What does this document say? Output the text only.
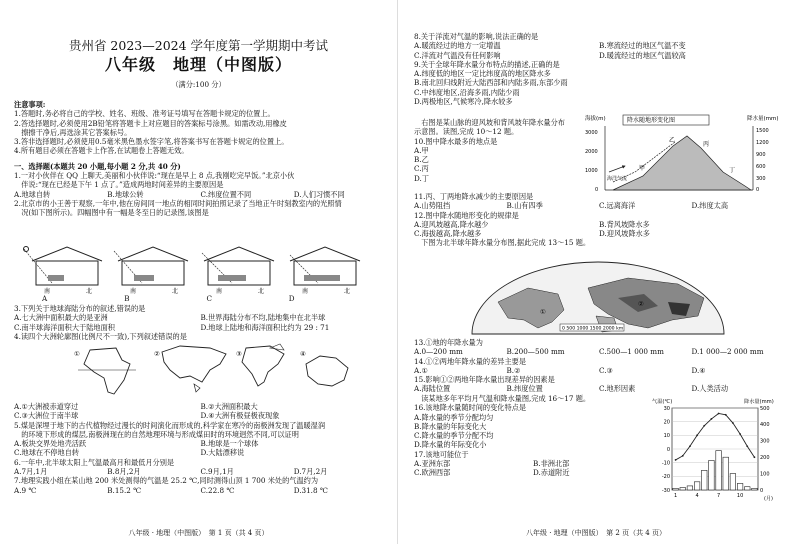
贵州省 2023—2024 学年度第一学期期中考试
八年级　地理（中图版）
（满分:100 分）
注意事项:
1.答题时,务必将自己的学校、姓名、班级、准考证号填写在答题卡规定的位置上。
2.答选择题时,必须使用2B铅笔将答题卡上对应题目的答案标号涂黑。如需改动,用橡皮
　擦擦干净后,再选涂其它答案标号。
3.答非选择题时,必须使用0.5毫米黑色墨水签字笔,将答案书写在答题卡规定的位置上。
4.所有题目必须在答题卡上作答,在试题卷上答题无效。
一、选择题(本题共 20 小题,每小题 2 分,共 40 分)
1.一对小伙伴在 QQ 上聊天,美丽和小伙伴说:“现在是早上 8 点,我刚吃完早饭。”北京小伙
　伴说:“现在已经是下午 1 点了。”造成两地时间差异的主要原因是
A.地球自转	B.地球公转	C.纬度位置不同	D.人们习惯不同
2.北京市的小王善于观察,一年中,他在房间同一地点的相同时间拍照记录了当地正午时刻教室内的光照情
　况(如下图所示)。四幅图中有一幅是冬至日的记录图,该图是
南	北	南	北	南	北	南	北
A	B	C	D
3.下列关于地球海陆分布的叙述,错误的是
A.七大洲中面积最大的是亚洲	B.世界海陆分布不均,陆地集中在北半球
C.南半球海洋面积大于陆地面积	D.地球上陆地和海洋面积比约为 29 : 71
4.读四个大洲轮廓图(比例尺不一致),下列叙述错误的是
①	②	③	④
A.①大洲被赤道穿过	B.②大洲面积最大
C.③大洲位于南半球	D.④大洲有极昼极夜现象
5.煤是深埋于地下的古代植物经过漫长的时间演化而形成的,科学家在寒冷的南极洲发现了温暖湿润
　的环境下形成的煤层,南极洲现在的自然地理环境与形成煤田时的环境迥然不同,可以证明
A.板块交界处地壳活跃	B.地球是一个球体
C.地球在不停地自转	D.大陆漂移说
6.一年中,北半球太阳上气温最高月和最低月分别是
A.7月,1月	B.8月,2月	C.9月,1月	D.7月,2月
7.地理实践小组在某山地 200 米处测得的气温是 25.2 ℃,同时测得山顶 1 700 米处的气温约为
A.9 ℃	B.15.2 ℃	C.22.8 ℃	D.31.8 ℃
八年级 · 地理（中图版）　第 1 页（共 4 页）
8.关于洋流对气温的影响,说法正确的是
A.暖流经过的地方一定增温	B.寒流经过的地区气温不变
C.洋流对气温没有任何影响	D.暖流经过的地区气温较高
9.关于全球年降水量分布特点的描述,正确的是
A.纬度低的地区一定比纬度高的地区降水多
B.南北回归线附近大陆西部和内陆多雨,东部少雨
C.中纬度地区,沿海多雨,内陆少雨
D.两极地区,气候寒冷,降水较多
　右图是某山脉的迎风坡和背风坡年降水量分布
示意图。读图,完成 10～12 题。
10.图中降水最多的地点是
A.甲
B.乙
C.丙
D.丁
海拔(m)	降水量(mm)
降水随地形变化图
3000
2000
1000
0
1500
1200
900
600
300
0
海洋气流
甲
乙
丙
丁
11.丙、丁两地降水减少的主要原因是
A.山势阻挡	B.山有四季	C.远离海洋	D.纬度太高
12.图中降水随地形变化的规律是
A.迎风坡越高,降水越少	B.背风坡降水多
C.海拔越高,降水越多	D.迎风坡降水多
　下图为北半球年降水量分布图,据此完成 13～15 题。
①
②
0 500 1000 1500 2000 km
13.①地的年降水量为
A.0—200 mm	B.200—500 mm	C.500—1 000 mm	D.1 000—2 000 mm
14.①②两地年降水量的差异主要是
A.①	B.②	C.③	D.④
15.影响①②两地年降水量出现差异的因素是
A.海陆位置	B.纬度位置	C.地形因素	D.人类活动
　读某地多年平均月气温和降水量图,完成 16～17 题。
16.该地降水量随时间的变化特点是
A.降水量的季节分配均匀
B.降水量的年际变化大
C.降水量的季节分配不均
D.降水量的年际变化小
17.该地可能位于
A.亚洲东部	B.非洲北部
C.欧洲西部	D.赤道附近
气温(℃)	降水量(mm)
(月)
30
20
10
0
-10
-20
-30
500
400
300
200
100
0
1	4	7	10
八年级 · 地理（中图版）　第 2 页（共 4 页）
